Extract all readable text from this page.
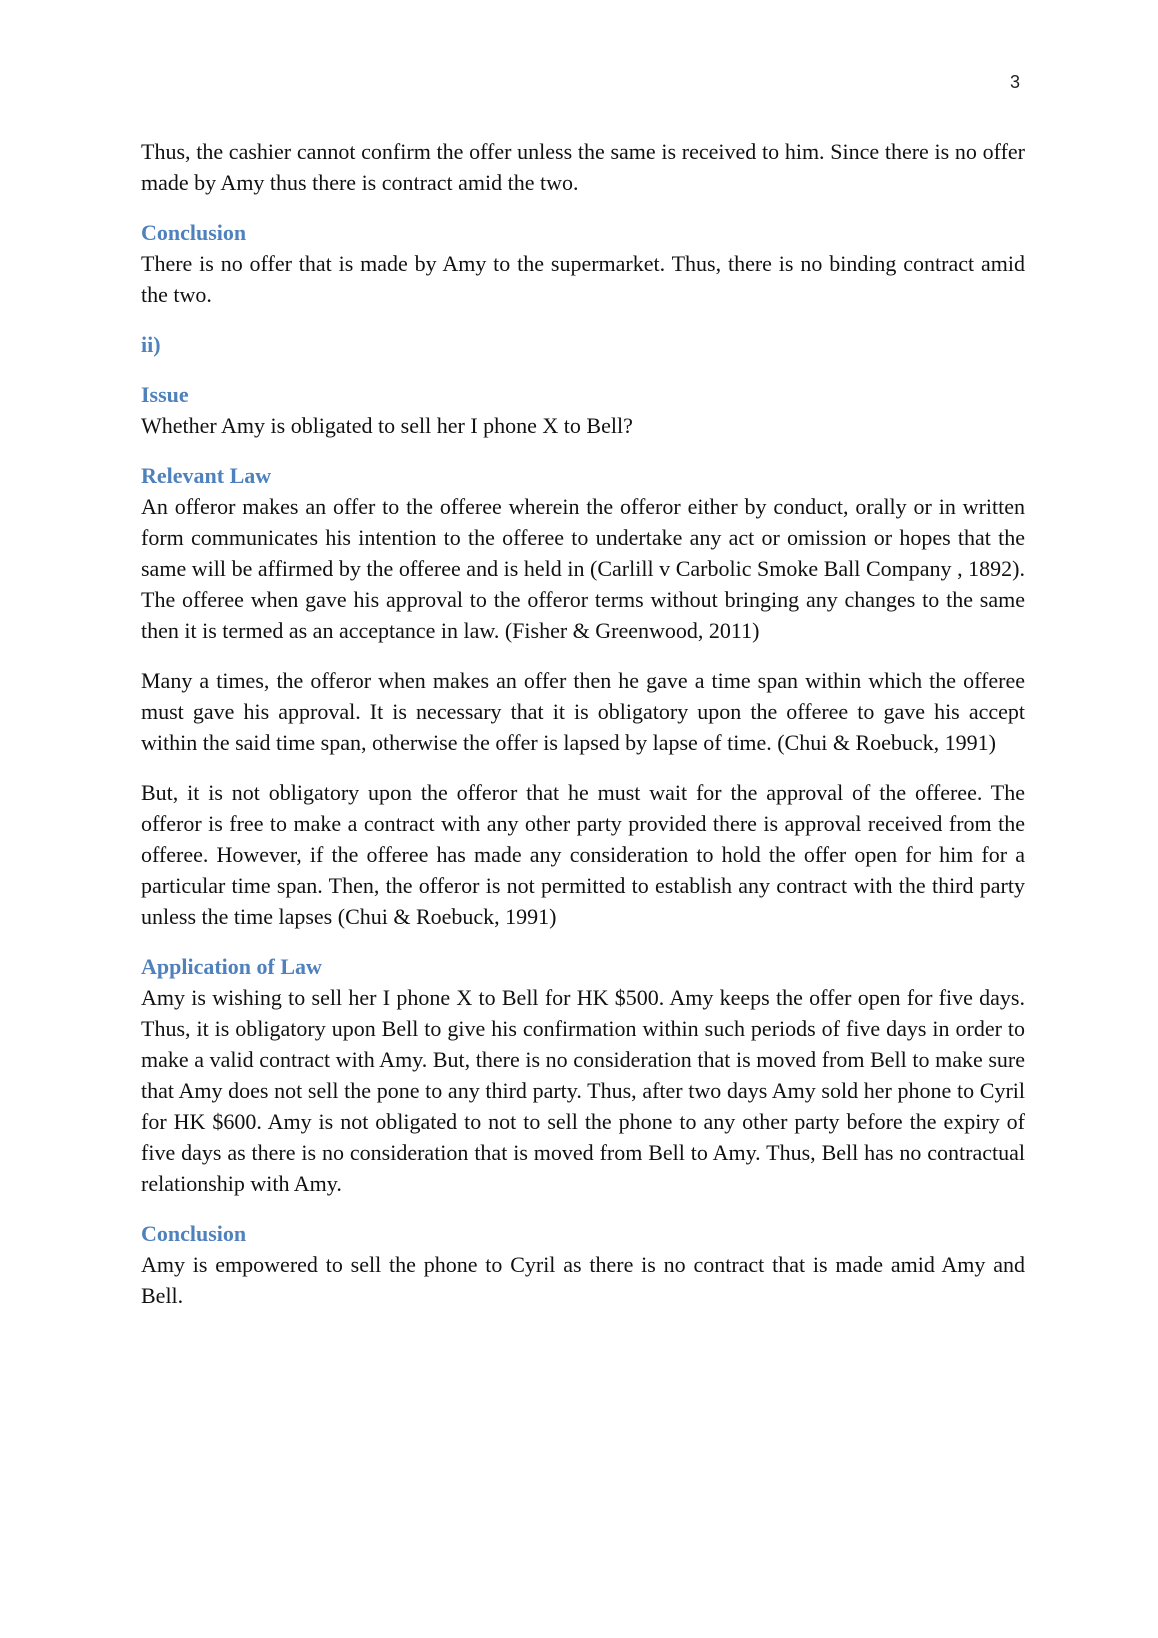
3

Thus, the cashier cannot confirm the offer unless the same is received to him. Since there is no offer made by Amy thus there is contract amid the two.

Conclusion

There is no offer that is made by Amy to the supermarket. Thus, there is no binding contract amid the two.

ii)
Issue

Whether Amy is obligated to sell her I phone X to Bell?

Relevant Law

An offeror makes an offer to the offeree wherein the offeror either by conduct, orally or in written form communicates his intention to the offeree to undertake any act or omission or hopes that the same will be affirmed by the offeree and is held in (Carlill v Carbolic Smoke Ball Company , 1892). The offeree when gave his approval to the offeror terms without bringing any changes to the same then it is termed as an acceptance in law. (Fisher & Greenwood, 2011)

Many a times, the offeror when makes an offer then he gave a time span within which the offeree must gave his approval. It is necessary that it is obligatory upon the offeree to gave his accept within the said time span, otherwise the offer is lapsed by lapse of time. (Chui & Roebuck, 1991)

But, it is not obligatory upon the offeror that he must wait for the approval of the offeree. The offeror is free to make a contract with any other party provided there is approval received from the offeree. However, if the offeree has made any consideration to hold the offer open for him for a particular time span. Then, the offeror is not permitted to establish any contract with the third party unless the time lapses (Chui & Roebuck, 1991)

Application of Law

Amy is wishing to sell her I phone X to Bell for HK $500. Amy keeps the offer open for five days. Thus, it is obligatory upon Bell to give his confirmation within such periods of five days in order to make a valid contract with Amy. But, there is no consideration that is moved from Bell to make sure that Amy does not sell the pone to any third party. Thus, after two days Amy sold her phone to Cyril for HK $600. Amy is not obligated to not to sell the phone to any other party before the expiry of five days as there is no consideration that is moved from Bell to Amy. Thus, Bell has no contractual relationship with Amy.

Conclusion

Amy is empowered to sell the phone to Cyril as there is no contract that is made amid Amy and Bell.
